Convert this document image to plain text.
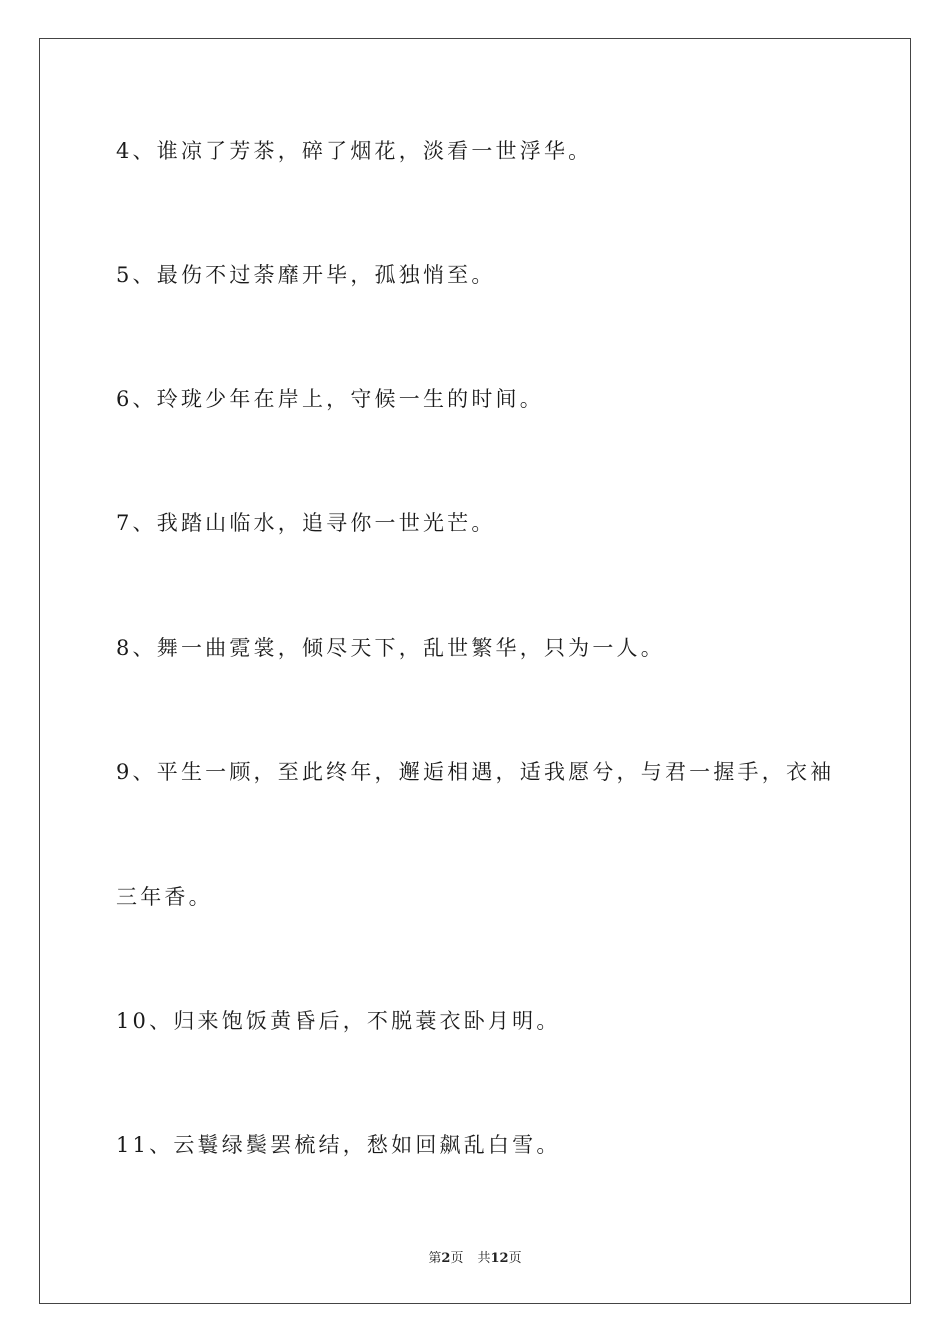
4、谁凉了芳茶，碎了烟花，淡看一世浮华。
5、最伤不过荼靡开毕，孤独悄至。
6、玲珑少年在岸上，守候一生的时间。
7、我踏山临水，追寻你一世光芒。
8、舞一曲霓裳，倾尽天下，乱世繁华，只为一人。
9、平生一顾，至此终年，邂逅相遇，适我愿兮，与君一握手，衣袖
三年香。
10、归来饱饭黄昏后，不脱蓑衣卧月明。
11、云鬟绿鬓罢梳结，愁如回飙乱白雪。
第2页 共12页
